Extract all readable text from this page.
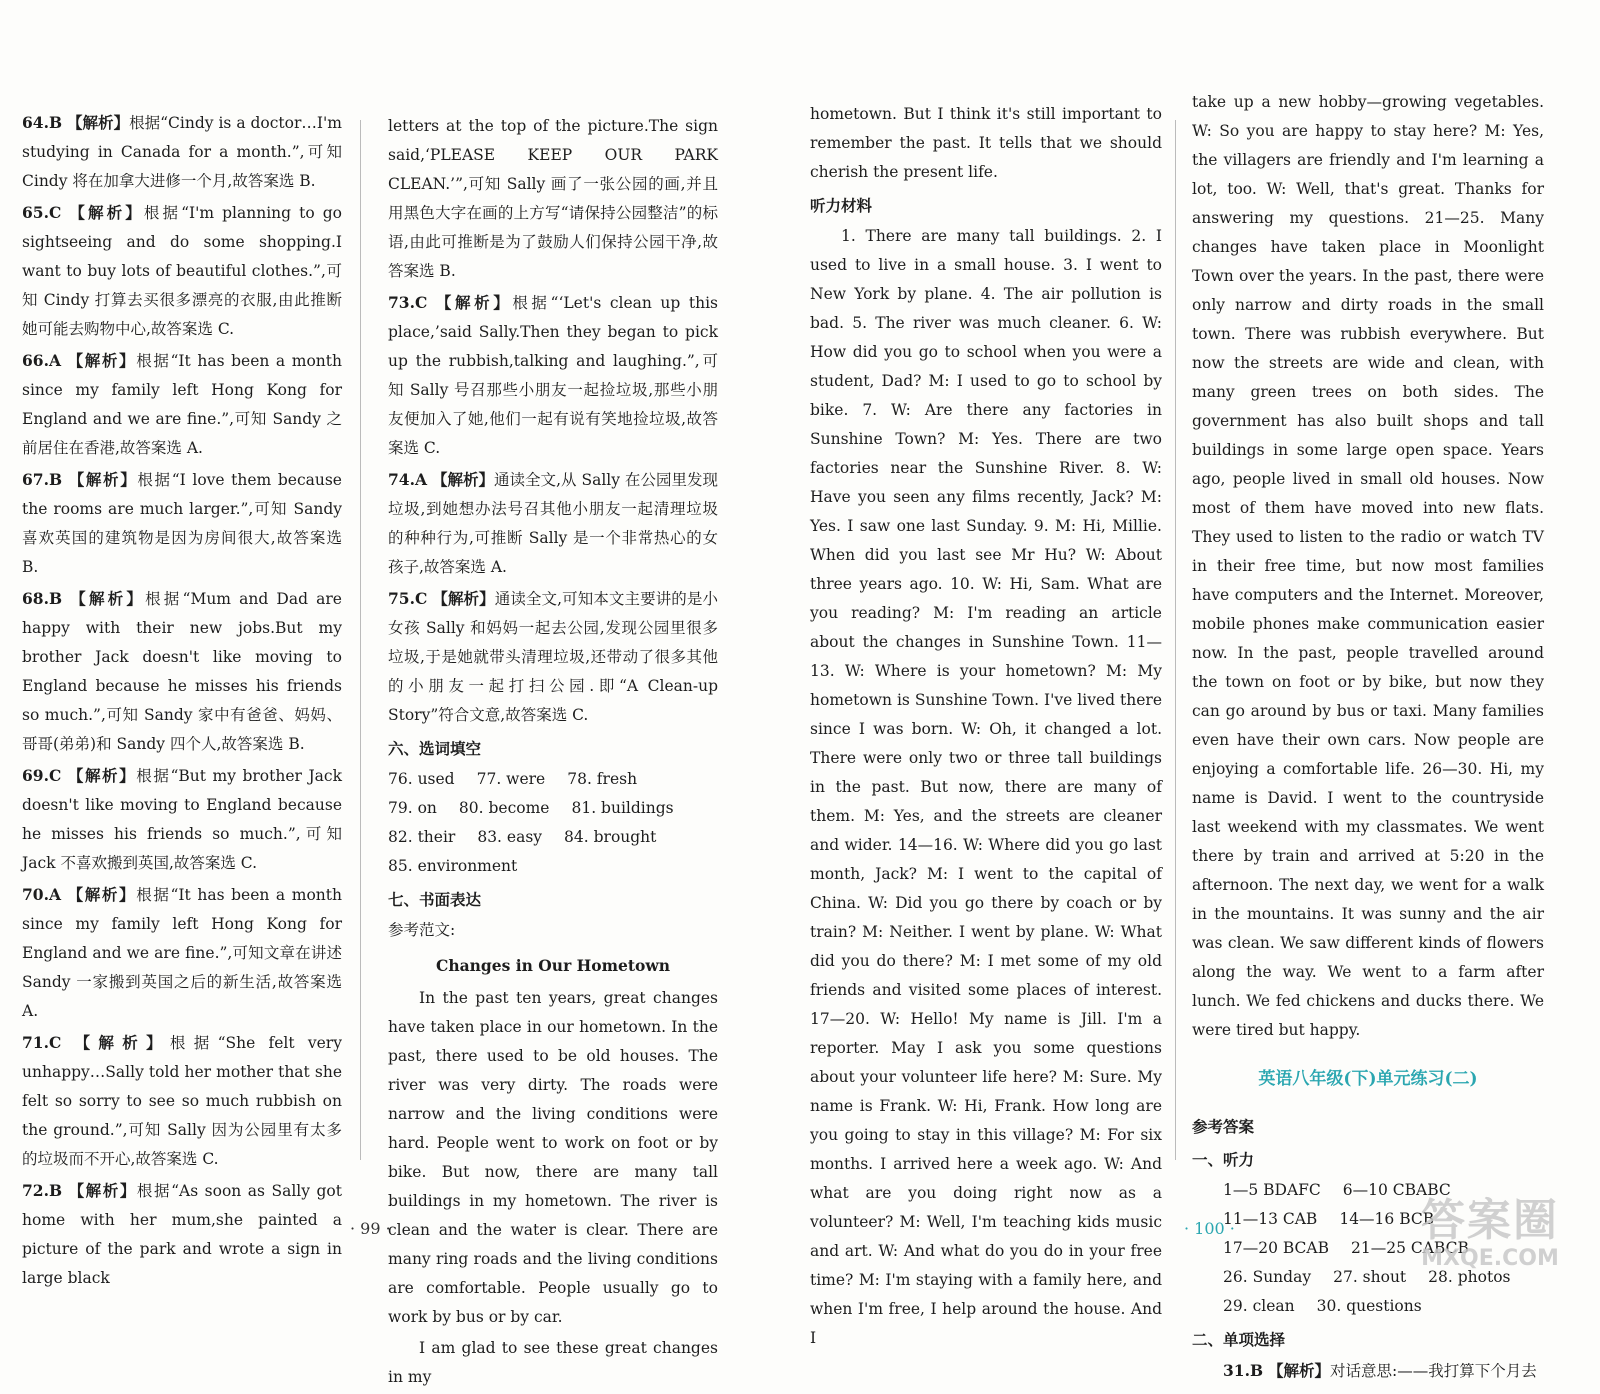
64.B 【解析】根据“Cindy is a doctor…I'm studying in Canada for a month.”,可知 Cindy 将在加拿大进修一个月,故答案选 B.

65.C 【解析】根据“I'm planning to go sightseeing and do some shopping.I want to buy lots of beautiful clothes.”,可知 Cindy 打算去买很多漂亮的衣服,由此推断她可能去购物中心,故答案选 C.

66.A 【解析】根据“It has been a month since my family left Hong Kong for England and we are fine.”,可知 Sandy 之前居住在香港,故答案选 A.

67.B 【解析】根据“I love them because the rooms are much larger.”,可知 Sandy 喜欢英国的建筑物是因为房间很大,故答案选 B.

68.B 【解析】根据“Mum and Dad are happy with their new jobs.But my brother Jack doesn't like moving to England because he misses his friends so much.”,可知 Sandy 家中有爸爸、妈妈、哥哥(弟弟)和 Sandy 四个人,故答案选 B.

69.C 【解析】根据“But my brother Jack doesn't like moving to England because he misses his friends so much.”,可知 Jack 不喜欢搬到英国,故答案选 C.

70.A 【解析】根据“It has been a month since my family left Hong Kong for England and we are fine.”,可知文章在讲述 Sandy 一家搬到英国之后的新生活,故答案选 A.

71.C 【解析】根据“She felt very unhappy…Sally told her mother that she felt so sorry to see so much rubbish on the ground.”,可知 Sally 因为公园里有太多的垃圾而不开心,故答案选 C.

72.B 【解析】根据“As soon as Sally got home with her mum,she painted a picture of the park and wrote a sign in large black

letters at the top of the picture.The sign said,‘PLEASE KEEP OUR PARK CLEAN.’”,可知 Sally 画了一张公园的画,并且用黑色大字在画的上方写“请保持公园整洁”的标语,由此可推断是为了鼓励人们保持公园干净,故答案选 B.

73.C 【解析】根据“‘Let's clean up this place,’said Sally.Then they began to pick up the rubbish,talking and laughing.”,可知 Sally 号召那些小朋友一起捡垃圾,那些小朋友便加入了她,他们一起有说有笑地捡垃圾,故答案选 C.

74.A 【解析】通读全文,从 Sally 在公园里发现垃圾,到她想办法号召其他小朋友一起清理垃圾的种种行为,可推断 Sally 是一个非常热心的女孩子,故答案选 A.

75.C 【解析】通读全文,可知本文主要讲的是小女孩 Sally 和妈妈一起去公园,发现公园里很多垃圾,于是她就带头清理垃圾,还带动了很多其他的小朋友一起打扫公园.即“A Clean-up Story”符合文意,故答案选 C.

六、选词填空
76. used 77. were 78. fresh
79. on 80. become 81. buildings
82. their 83. easy 84. brought
85. environment
七、书面表达

参考范文:

Changes in Our Hometown

In the past ten years, great changes have taken place in our hometown. In the past, there used to be old houses. The river was very dirty. The roads were narrow and the living conditions were hard. People went to work on foot or by bike. But now, there are many tall buildings in my hometown. The river is clean and the water is clear. There are many ring roads and the living conditions are comfortable. People usually go to work by bus or by car.

I am glad to see these great changes in my

· 99 ·

hometown. But I think it's still important to remember the past. It tells that we should cherish the present life.

听力材料

1. There are many tall buildings. 2. I used to live in a small house. 3. I went to New York by plane. 4. The air pollution is bad. 5. The river was much cleaner. 6. W: How did you go to school when you were a student, Dad? M: I used to go to school by bike. 7. W: Are there any factories in Sunshine Town? M: Yes. There are two factories near the Sunshine River. 8. W: Have you seen any films recently, Jack? M: Yes. I saw one last Sunday. 9. M: Hi, Millie. When did you last see Mr Hu? W: About three years ago. 10. W: Hi, Sam. What are you reading? M: I'm reading an article about the changes in Sunshine Town. 11—13. W: Where is your hometown? M: My hometown is Sunshine Town. I've lived there since I was born. W: Oh, it changed a lot. There were only two or three tall buildings in the past. But now, there are many of them. M: Yes, and the streets are cleaner and wider. 14—16. W: Where did you go last month, Jack? M: I went to the capital of China. W: Did you go there by coach or by train? M: Neither. I went by plane. W: What did you do there? M: I met some of my old friends and visited some places of interest. 17—20. W: Hello! My name is Jill. I'm a reporter. May I ask you some questions about your volunteer life here? M: Sure. My name is Frank. W: Hi, Frank. How long are you going to stay in this village? M: For six months. I arrived here a week ago. W: And what are you doing right now as a volunteer? M: Well, I'm teaching kids music and art. W: And what do you do in your free time? M: I'm staying with a family here, and when I'm free, I help around the house. And I

take up a new hobby—growing vegetables. W: So you are happy to stay here? M: Yes, the villagers are friendly and I'm learning a lot, too. W: Well, that's great. Thanks for answering my questions. 21—25. Many changes have taken place in Moonlight Town over the years. In the past, there were only narrow and dirty roads in the small town. There was rubbish everywhere. But now the streets are wide and clean, with many green trees on both sides. The government has also built shops and tall buildings in some large open space. Years ago, people lived in small old houses. Now most of them have moved into new flats. They used to listen to the radio or watch TV in their free time, but now most families have computers and the Internet. Moreover, mobile phones make communication easier now. In the past, people travelled around the town on foot or by bike, but now they can go around by bus or taxi. Many families even have their own cars. Now people are enjoying a comfortable life. 26—30. Hi, my name is David. I went to the countryside last weekend with my classmates. We went there by train and arrived at 5:20 in the afternoon. The next day, we went for a walk in the mountains. It was sunny and the air was clean. We saw different kinds of flowers along the way. We went to a farm after lunch. We fed chickens and ducks there. We were tired but happy.

英语八年级(下)单元练习(二)
参考答案
一、听力
1—5 BDAFC 6—10 CBABC
11—13 CAB 14—16 BCB
17—20 BCAB 21—25 CABCB
26. Sunday 27. shout 28. photos
29. clean 30. questions
二、单项选择

31.B 【解析】对话意思:——我打算下个月去

· 100 ·	答案圈
MXQE.COM
